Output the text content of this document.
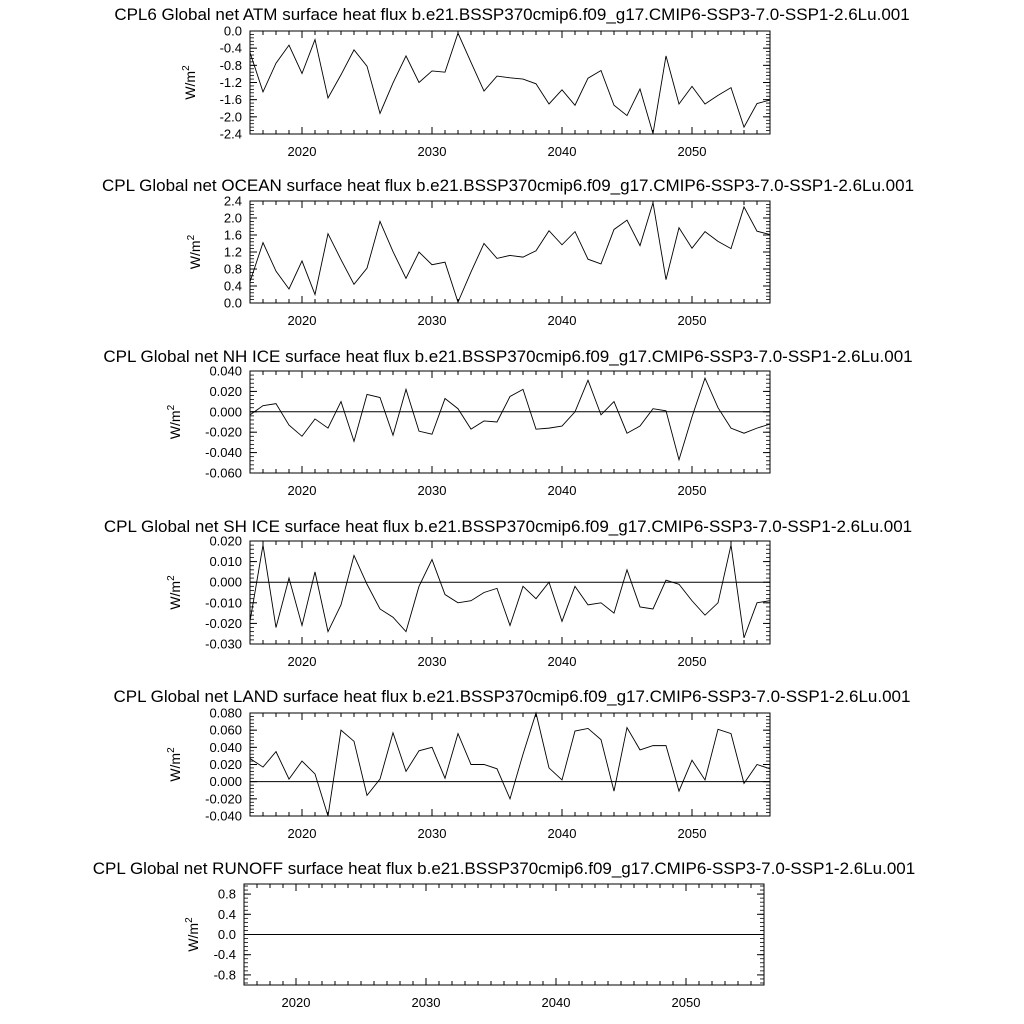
CPL6 Global net ATM surface heat flux b.e21.BSSP370cmip6.f09_g17.CMIP6-SSP3-7.0-SSP1-2.6Lu.001
2020	2030	2040	2050
0.0
-0.4
-0.8
-1.2
-1.6
-2.0
-2.4
$W/m^2$
CPL Global net OCEAN surface heat flux b.e21.BSSP370cmip6.f09_g17.CMIP6-SSP3-7.0-SSP1-2.6Lu.001
2020	2030	2040	2050
2.4
2.0
1.6
1.2
0.8
0.4
0.0
$W/m^2$
CPL Global net NH ICE surface heat flux b.e21.BSSP370cmip6.f09_g17.CMIP6-SSP3-7.0-SSP1-2.6Lu.001
2020	2030	2040	2050
0.040
0.020
0.000
-0.020
-0.040
-0.060
$W/m^2$
CPL Global net SH ICE surface heat flux b.e21.BSSP370cmip6.f09_g17.CMIP6-SSP3-7.0-SSP1-2.6Lu.001
2020	2030	2040	2050
0.020
0.010
0.000
-0.010
-0.020
-0.030
$W/m^2$
CPL Global net LAND surface heat flux b.e21.BSSP370cmip6.f09_g17.CMIP6-SSP3-7.0-SSP1-2.6Lu.001
2020	2030	2040	2050
0.080
0.060
0.040
0.020
0.000
-0.020
-0.040
$W/m^2$
CPL Global net RUNOFF surface heat flux b.e21.BSSP370cmip6.f09_g17.CMIP6-SSP3-7.0-SSP1-2.6Lu.001
2020	2030	2040	2050
0.8
0.4
0.0
-0.4
-0.8
$W/m^2$
